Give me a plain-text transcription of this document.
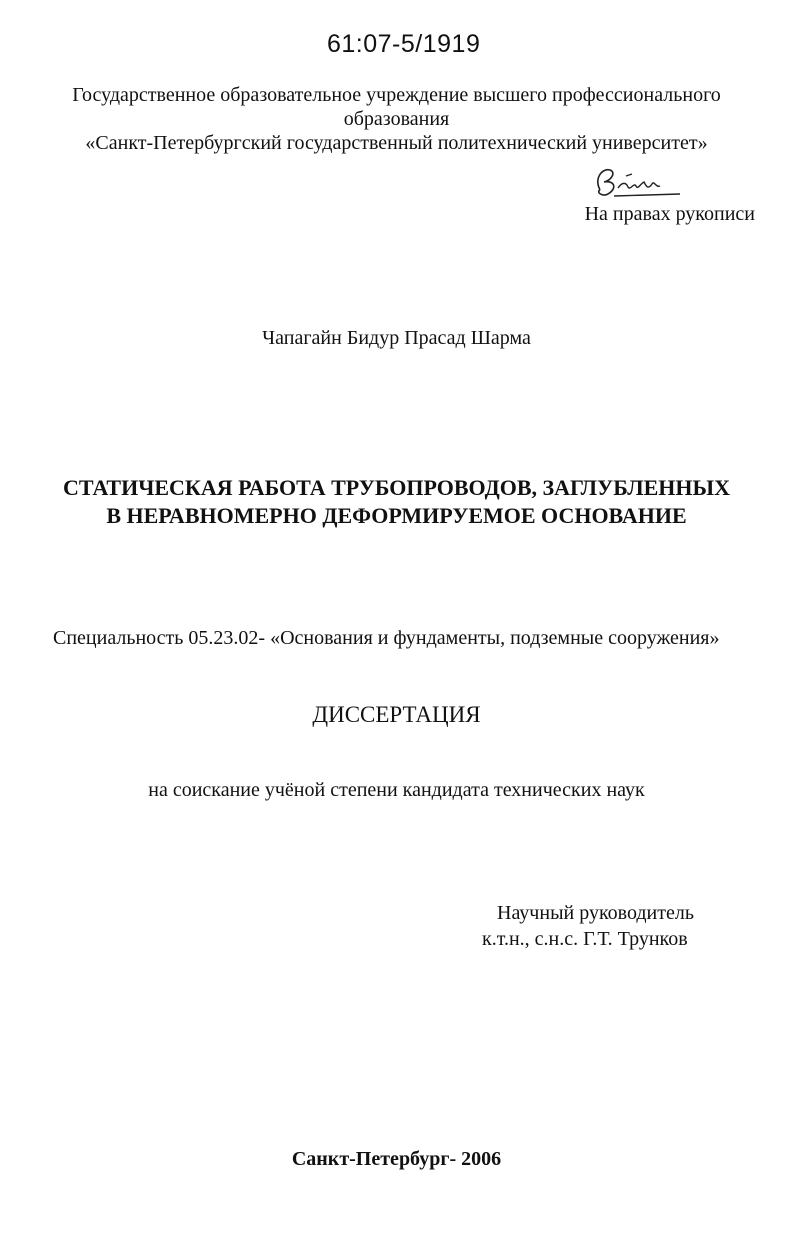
61:07-5/1919
Государственное образовательное учреждение высшего профессионального
образования
«Санкт-Петербургский государственный политехнический университет»
На правах рукописи
Чапагайн Бидур Прасад Шарма
СТАТИЧЕСКАЯ РАБОТА ТРУБОПРОВОДОВ, ЗАГЛУБЛЕННЫХ
В НЕРАВНОМЕРНО ДЕФОРМИРУЕМОЕ ОСНОВАНИЕ
Специальность 05.23.02- «Основания и фундаменты, подземные сооружения»
ДИССЕРТАЦИЯ
на соискание учёной степени кандидата технических наук
Научный руководитель
к.т.н., с.н.с. Г.Т. Трунков
Санкт-Петербург- 2006
